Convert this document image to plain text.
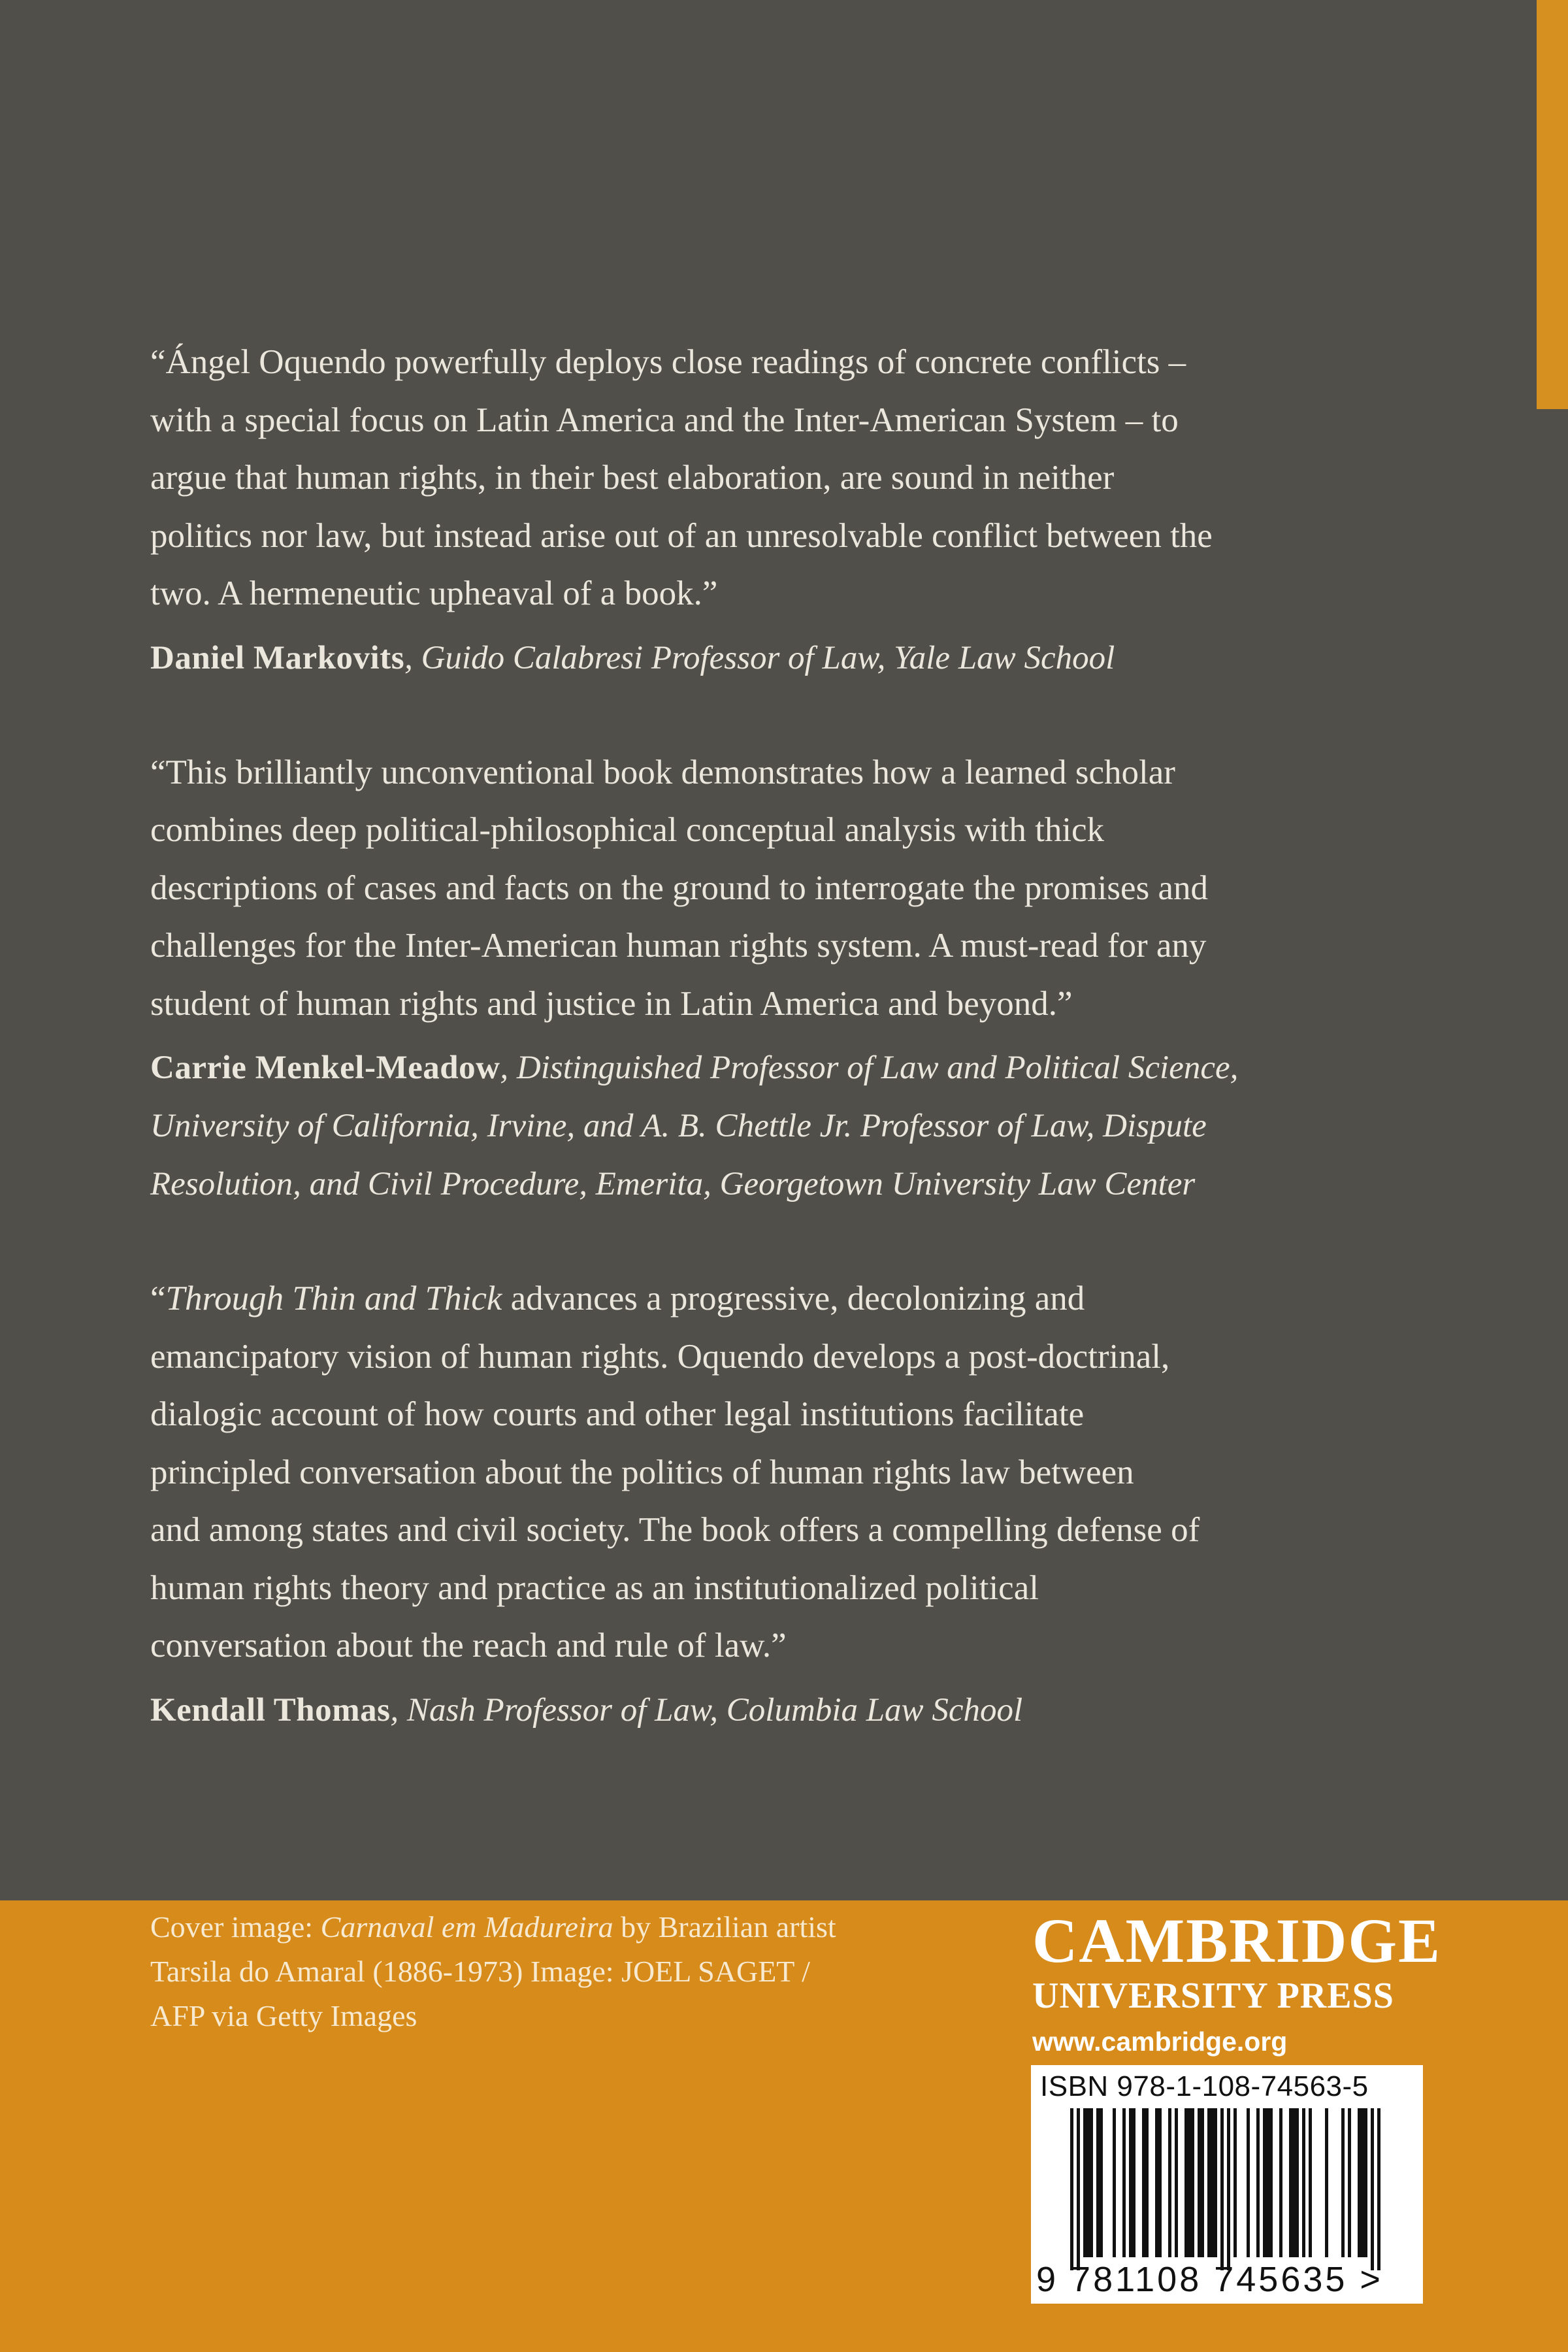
“Ángel Oquendo powerfully deploys close readings of concrete conflicts –
with a special focus on Latin America and the Inter-American System – to
argue that human rights, in their best elaboration, are sound in neither
politics nor law, but instead arise out of an unresolvable conflict between the
two. A hermeneutic upheaval of a book.”

Daniel Markovits, Guido Calabresi Professor of Law, Yale Law School

“This brilliantly unconventional book demonstrates how a learned scholar
combines deep political-philosophical conceptual analysis with thick
descriptions of cases and facts on the ground to interrogate the promises and
challenges for the Inter-American human rights system. A must-read for any
student of human rights and justice in Latin America and beyond.”

Carrie Menkel-Meadow, Distinguished Professor of Law and Political Science,
University of California, Irvine, and A. B. Chettle Jr. Professor of Law, Dispute
Resolution, and Civil Procedure, Emerita, Georgetown University Law Center

“Through Thin and Thick advances a progressive, decolonizing and
emancipatory vision of human rights. Oquendo develops a post-doctrinal,
dialogic account of how courts and other legal institutions facilitate
principled conversation about the politics of human rights law between
and among states and civil society. The book offers a compelling defense of
human rights theory and practice as an institutionalized political
conversation about the reach and rule of law.”

Kendall Thomas, Nash Professor of Law, Columbia Law School

Cover image: Carnaval em Madureira by Brazilian artist
Tarsila do Amaral (1886-1973) Image: JOEL SAGET /
AFP via Getty Images

CAMBRIDGE

UNIVERSITY PRESS

www.cambridge.org

ISBN 978-1-108-74563-5
9 781108 745635 >
